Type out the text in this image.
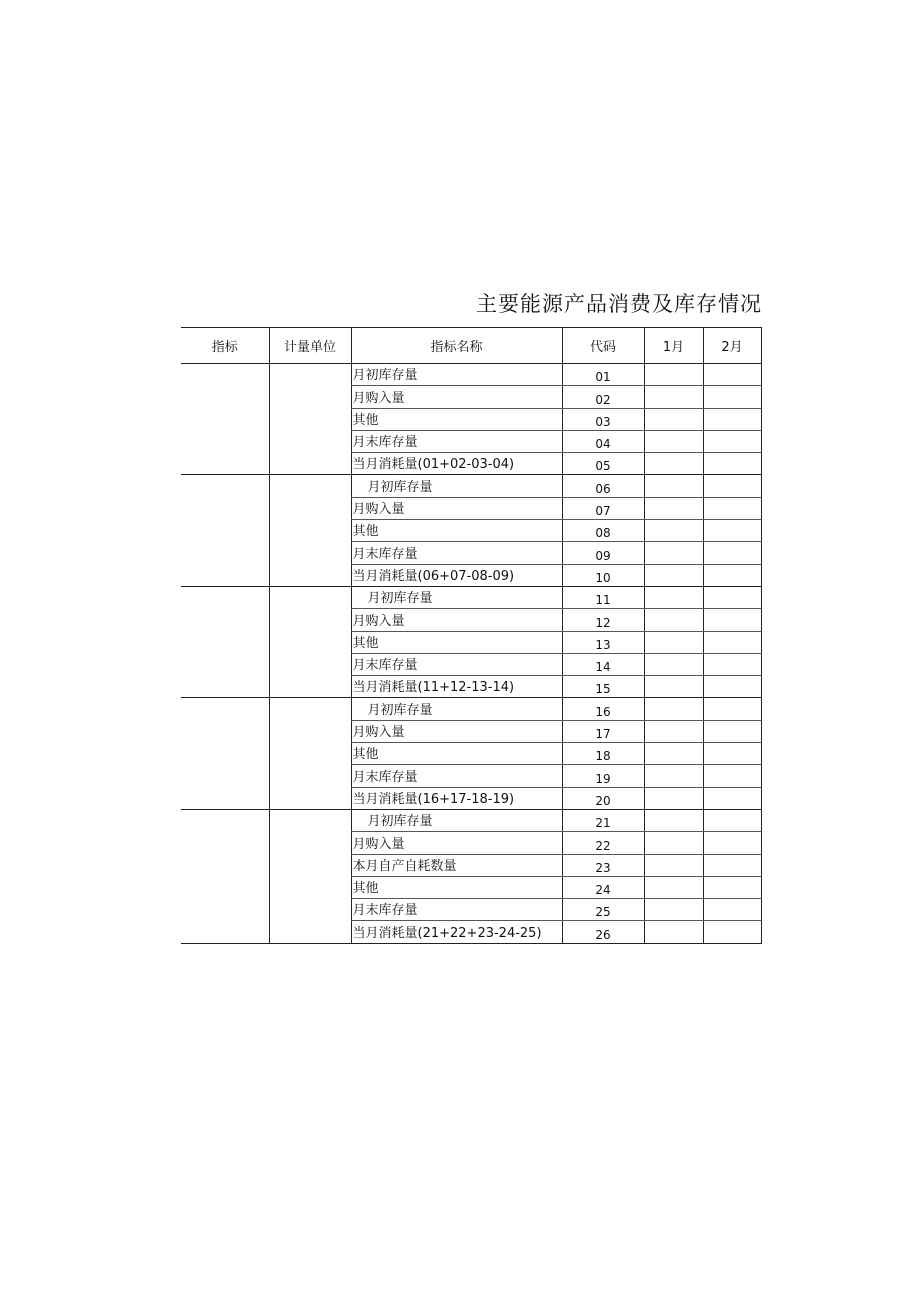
主要能源产品消费及库存情况
指标	计量单位	指标名称	代码	1月	2月
		月初库存量	01		
		月购入量	02		
		其他	03		
		月末库存量	04		
		当月消耗量(01+02-03-04)	05		
		月初库存量	06		
		月购入量	07		
		其他	08		
		月末库存量	09		
		当月消耗量(06+07-08-09)	10		
		月初库存量	11		
		月购入量	12		
		其他	13		
		月末库存量	14		
		当月消耗量(11+12-13-14)	15		
		月初库存量	16		
		月购入量	17		
		其他	18		
		月末库存量	19		
		当月消耗量(16+17-18-19)	20		
		月初库存量	21		
		月购入量	22		
		本月自产自耗数量	23		
		其他	24		
		月末库存量	25		
		当月消耗量(21+22+23-24-25)	26		
